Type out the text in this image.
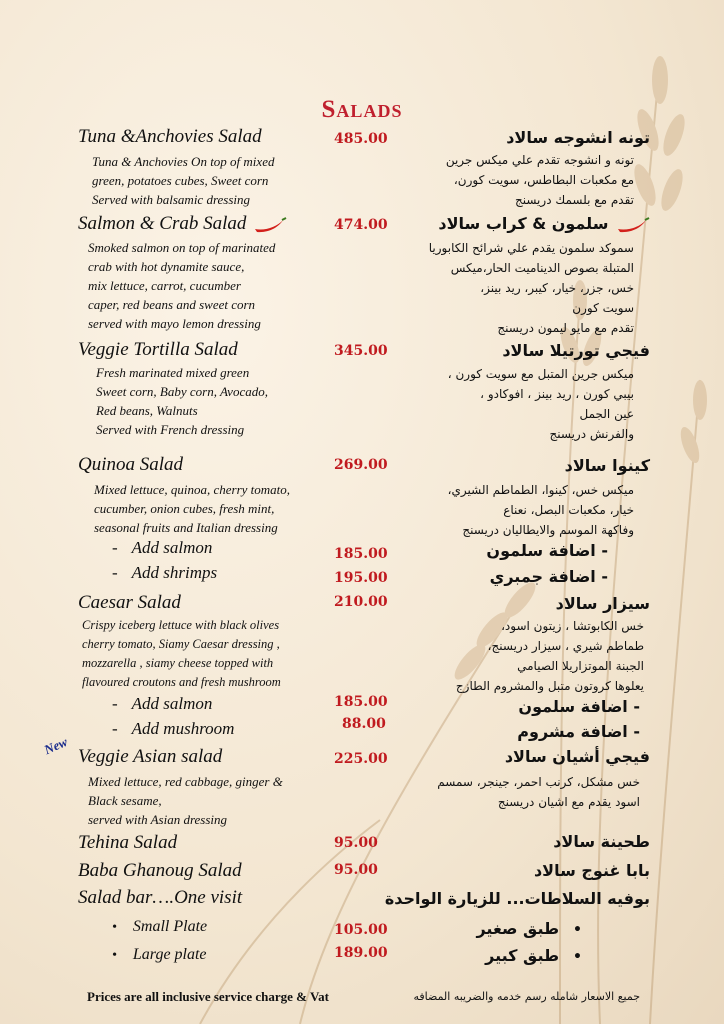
Salads
Tuna &Anchovies Salad	485.00	تونه انشوجه سالاد
Tuna & Anchovies On top of mixed
green, potatoes cubes, Sweet corn
Served with balsamic dressing
تونه و انشوجه تقدم علي ميكس جرين
مع مكعبات البطاطس، سويت كورن،
تقدم مع بلسمك دريسنج
Salmon & Crab Salad	474.00	سلمون & كراب سالاد
Smoked salmon on top of marinated
crab with hot dynamite sauce,
mix lettuce, carrot, cucumber
caper, red beans and sweet corn
served with mayo lemon dressing
سموكد سلمون يقدم علي شرائح الكابوريا
المتبلة بصوص الديناميت الحار،ميكس
خس، جزر، خيار، كيبر، ريد بينز،
سويت كورن
تقدم مع مايو ليمون دريسنج
Veggie Tortilla Salad	345.00	فيجي تورتيلا سالاد
Fresh marinated mixed green
Sweet corn, Baby corn, Avocado,
Red beans, Walnuts
Served with French dressing
ميكس جرين المتبل مع سويت كورن ،
بيبي كورن ، ريد بينز ، افوكادو ،
عين الجمل
والفرنش دريسنج
Quinoa Salad	269.00	كينوا سالاد
Mixed lettuce, quinoa, cherry tomato,
cucumber, onion cubes, fresh mint,
seasonal fruits and Italian dressing
ميكس خس، كينوا، الطماطم الشيري،
خيار، مكعبات البصل، نعناع
وفاكهة الموسم والايطاليان دريسنج
- Add salmon	185.00	- اضافة سلمون
- Add shrimps	195.00	- اضافة جمبري
Caesar Salad	210.00	سيزار سالاد
Crispy iceberg lettuce with black olives
cherry tomato, Siamy Caesar dressing ,
mozzarella , siamy cheese topped with
flavoured croutons and fresh mushroom
خس الكابوتشا ، زيتون اسود،
طماطم شيري ، سيزار دريسنج،
الجبنة الموتزاريلا الصيامي
يعلوها كروتون متبل والمشروم الطازج
- Add salmon	185.00	- اضافة سلمون
- Add mushroom	88.00	- اضافة مشروم
New Veggie Asian salad	225.00	فيجي أشيان سالاد
Mixed lettuce, red cabbage, ginger &
Black sesame,
served with Asian dressing
خس مشكل، كرنب احمر، جينجر، سمسم
اسود يقدم مع اشيان دريسنج
Tehina Salad	95.00	طحينة سالاد
Baba Ghanoug Salad	95.00	بابا غنوج سالاد
Salad bar….One visit	بوفيه السلاطات... للزيارة الواحدة
• Small Plate	105.00	•طبق صغير
• Large plate	189.00	•طبق كبير
Prices are all inclusive service charge & Vat	جميع الاسعار شامله رسم خدمه والضريبه المضافه
